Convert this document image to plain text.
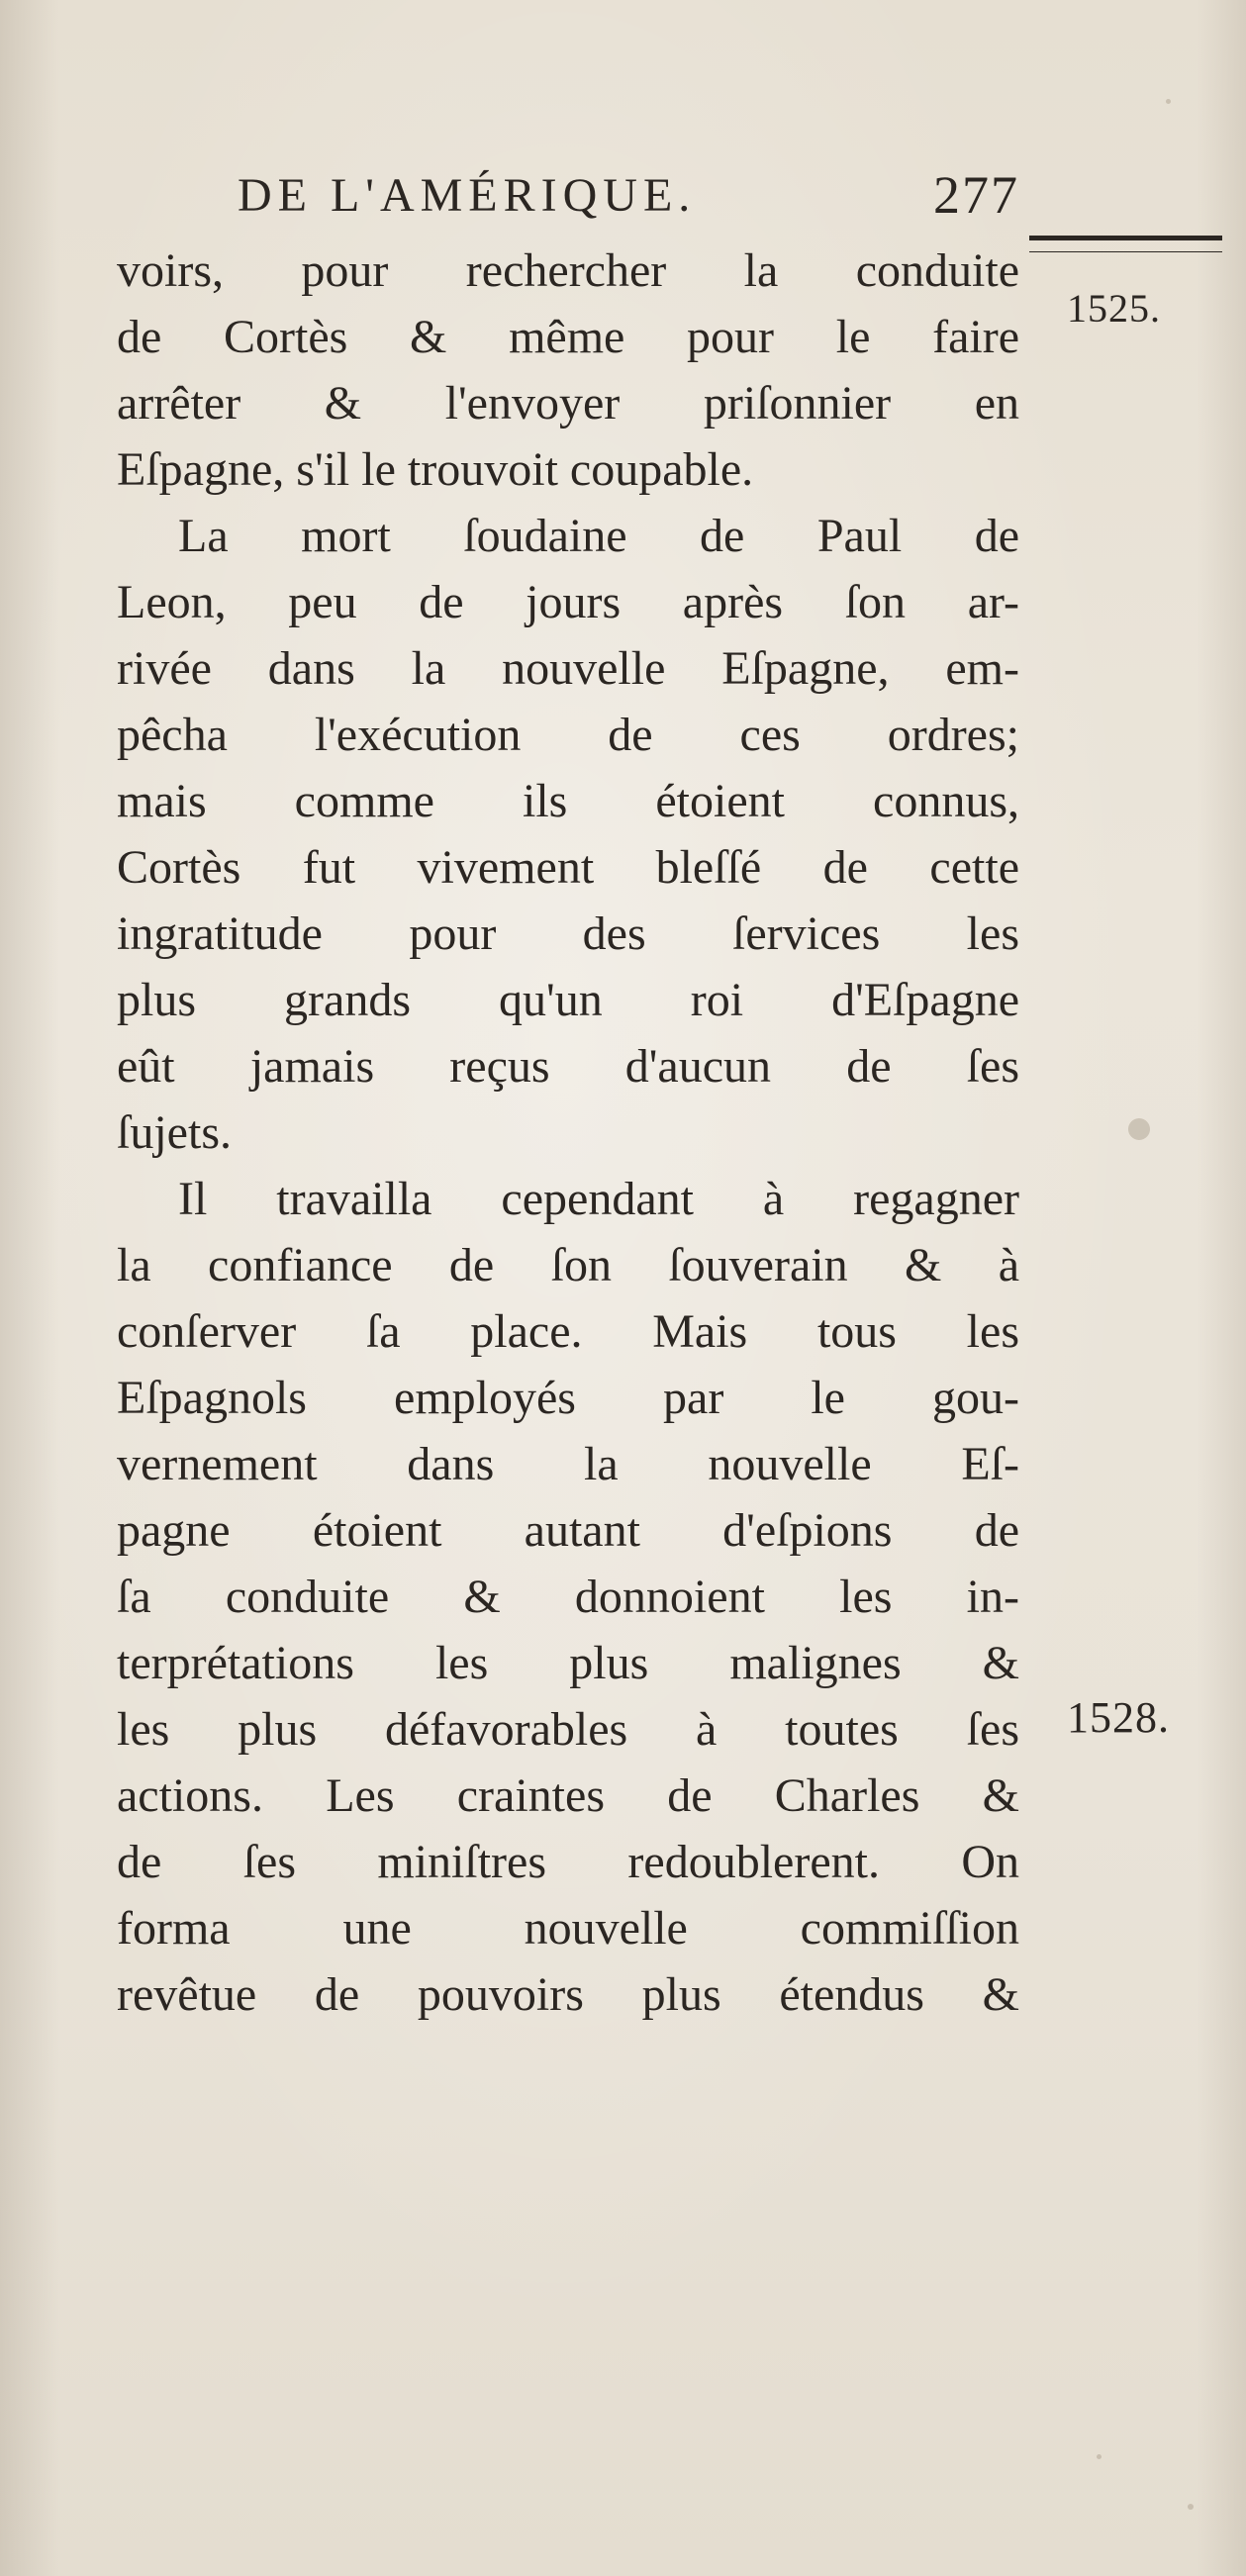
DE L'AMÉRIQUE.	277
1525.
1528.
voirs, pour rechercher la conduite
de Cortès & même pour le faire
arrêter & l'envoyer priſonnier en
Eſpagne, s'il le trouvoit coupable.
La mort ſoudaine de Paul de
Leon, peu de jours après ſon ar-
rivée dans la nouvelle Eſpagne, em-
pêcha l'exécution de ces ordres;
mais comme ils étoient connus,
Cortès fut vivement bleſſé de cette
ingratitude pour des ſervices les
plus grands qu'un roi d'Eſpagne
eût jamais reçus d'aucun de ſes
ſujets.
Il travailla cependant à regagner
la confiance de ſon ſouverain & à
conſerver ſa place. Mais tous les
Eſpagnols employés par le gou-
vernement dans la nouvelle Eſ-
pagne étoient autant d'eſpions de
ſa conduite & donnoient les in-
terprétations les plus malignes &
les plus défavorables à toutes ſes
actions. Les craintes de Charles &
de ſes miniſtres redoublerent. On
forma une nouvelle commiſſion
revêtue de pouvoirs plus étendus &
